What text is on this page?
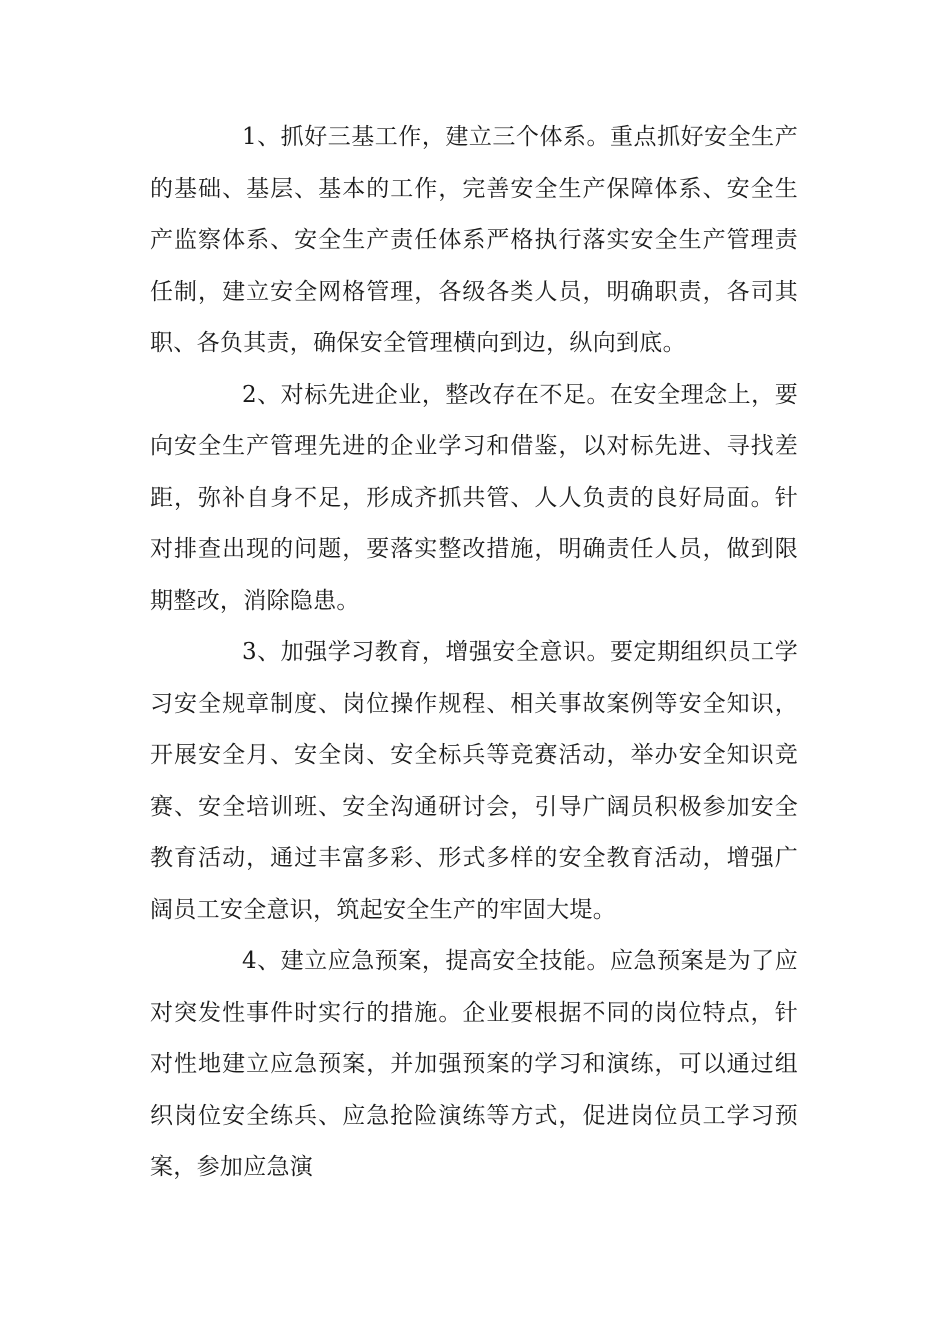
1、抓好三基工作，建立三个体系。重点抓好安全生产的基础、基层、基本的工作，完善安全生产保障体系、安全生产监察体系、安全生产责任体系严格执行落实安全生产管理责任制，建立安全网格管理，各级各类人员，明确职责，各司其职、各负其责，确保安全管理横向到边，纵向到底。

2、对标先进企业，整改存在不足。在安全理念上，要向安全生产管理先进的企业学习和借鉴，以对标先进、寻找差距，弥补自身不足，形成齐抓共管、人人负责的良好局面。针对排查出现的问题，要落实整改措施，明确责任人员，做到限期整改，消除隐患。

3、加强学习教育，增强安全意识。要定期组织员工学习安全规章制度、岗位操作规程、相关事故案例等安全知识，开展安全月、安全岗、安全标兵等竞赛活动，举办安全知识竞赛、安全培训班、安全沟通研讨会，引导广阔员积极参加安全教育活动，通过丰富多彩、形式多样的安全教育活动，增强广阔员工安全意识，筑起安全生产的牢固大堤。

4、建立应急预案，提高安全技能。应急预案是为了应对突发性事件时实行的措施。企业要根据不同的岗位特点，针对性地建立应急预案，并加强预案的学习和演练，可以通过组织岗位安全练兵、应急抢险演练等方式，促进岗位员工学习预案，参加应急演
